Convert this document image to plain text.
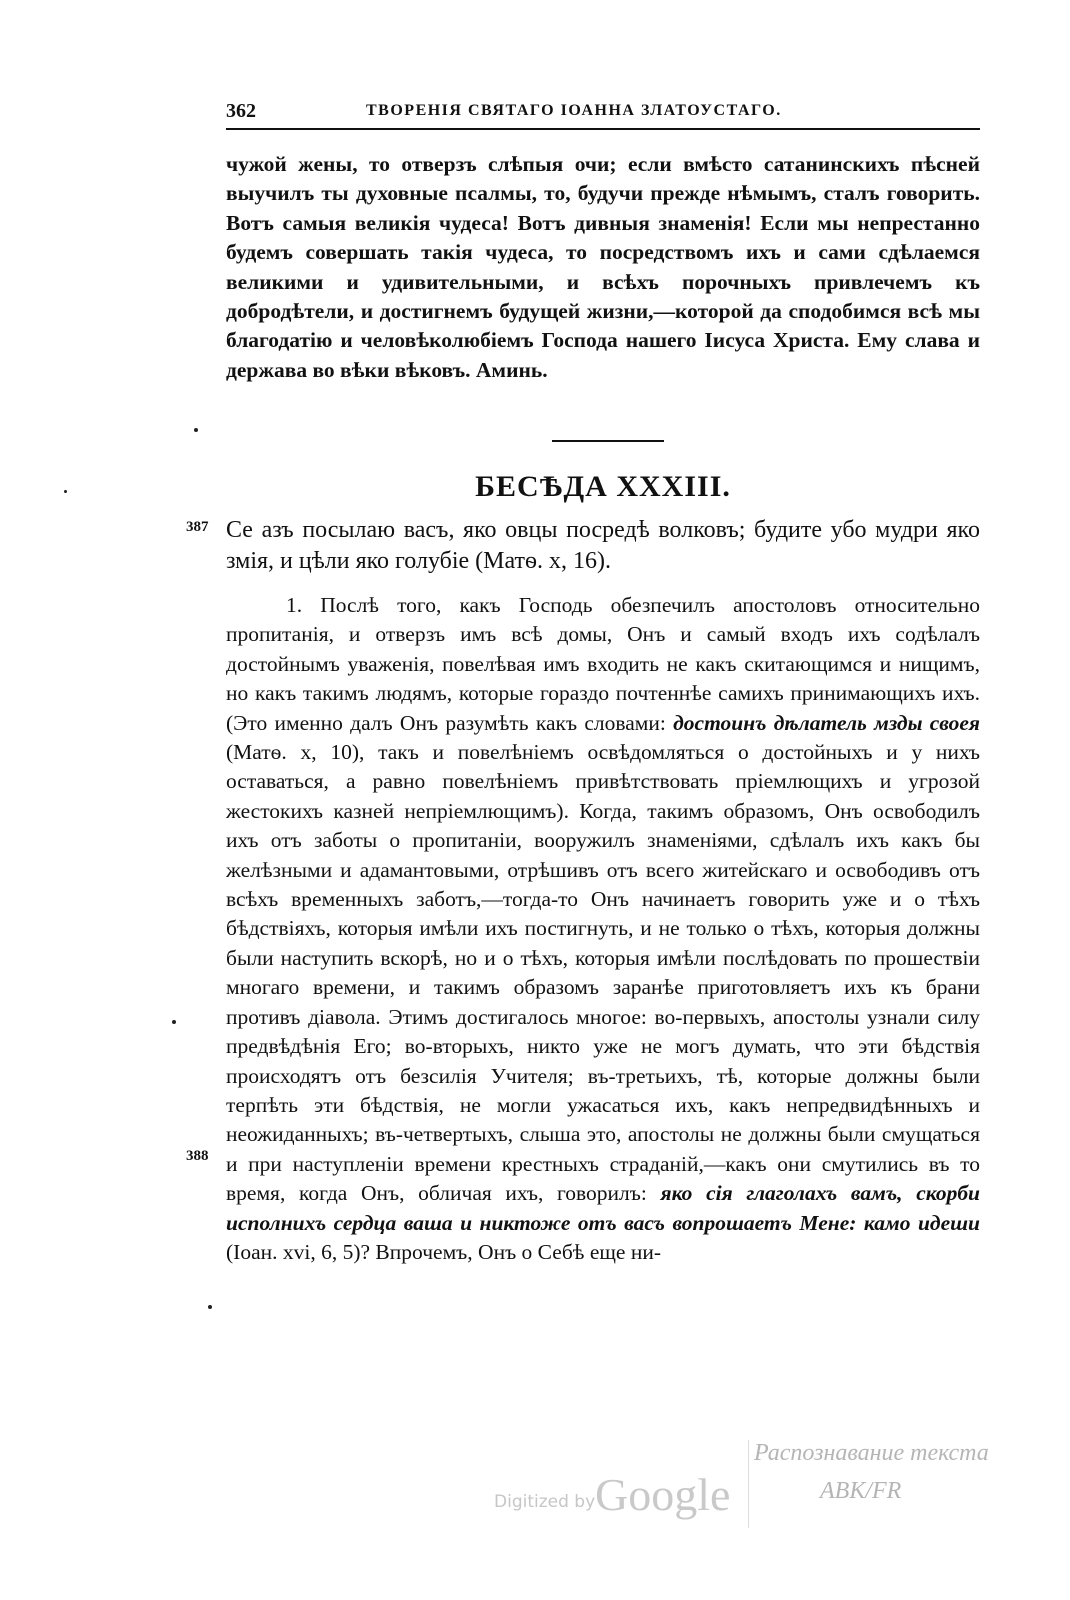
362	ТВОРЕНІЯ СВЯТАГО ІОАННА ЗЛАТОУСТАГО.
чужой жены, то отверзъ слѣпыя очи; если вмѣсто сатанинскихъ пѣсней выучилъ ты духовные псалмы, то, будучи прежде нѣмымъ, сталъ говорить. Вотъ самыя великія чудеса! Вотъ дивныя знаменія! Если мы непрестанно будемъ совершать такія чудеса, то посредствомъ ихъ и сами сдѣлаемся великими и удивительными, и всѣхъ порочныхъ привлечемъ къ добродѣтели, и достигнемъ будущей жизни,—которой да сподобимся всѣ мы благодатію и человѣколюбіемъ Господа нашего Іисуса Христа. Ему слава и держава во вѣки вѣковъ. Аминь.
БЕСѢДА XXXIII.
387 Се азъ посылаю васъ, яко овцы посредѣ волковъ; будите убо мудри яко змія, и цѣли яко голубіе (Матѳ. x, 16).
1. Послѣ того, какъ Господь обезпечилъ апостоловъ относительно пропитанія, и отверзъ имъ всѣ домы, Онъ и самый входъ ихъ содѣлалъ достойнымъ уваженія, повелѣвая имъ входить не какъ скитающимся и нищимъ, но какъ такимъ людямъ, которые гораздо почтеннѣе самихъ принимающихъ ихъ. (Это именно далъ Онъ разумѣть какъ словами: достоинъ дѣлатель мзды своея (Матѳ. x, 10), такъ и повелѣніемъ освѣдомляться о достойныхъ и у нихъ оставаться, а равно повелѣніемъ привѣтствовать пріемлющихъ и угрозой жестокихъ казней непріемлющимъ). Когда, такимъ образомъ, Онъ освободилъ ихъ отъ заботы о пропитаніи, вооружилъ знаменіями, сдѣлалъ ихъ какъ бы желѣзными и адамантовыми, отрѣшивъ отъ всего житейскаго и освободивъ отъ всѣхъ временныхъ заботъ,—тогда-то Онъ начинаетъ говорить уже и о тѣхъ бѣдствіяхъ, которыя имѣли ихъ постигнуть, и не только о тѣхъ, которыя должны были наступить вскорѣ, но и о тѣхъ, которыя имѣли послѣдовать по прошествіи многаго времени, и такимъ образомъ заранѣе приготовляетъ ихъ къ брани противъ діавола. Этимъ достигалось многое: во-первыхъ, апостолы узнали силу предвѣдѣнія Его; во-вторыхъ, никто уже не могъ думать, что эти бѣдствія происходятъ отъ безсилія Учителя; въ-третьихъ, тѣ, которые должны были терпѣть эти бѣдствія, не могли ужасаться ихъ, какъ непредвидѣнныхъ и неожиданныхъ; въ-четвертыхъ, слыша это, апостолы не должны были смущаться и при наступленіи времени крестныхъ страданій,—какъ они смутились въ то время, когда Онъ, обличая ихъ, говорилъ: яко сія глаголахъ вамъ, скорби исполнихъ сердца ваша и никтоже отъ васъ вопрошаетъ Мене: камо идеши (Іоан. xvi, 6, 5)? Впрочемъ, Онъ о Себѣ еще ни-
388
Digitized by Google
Распознавание текста
ABK/FR
